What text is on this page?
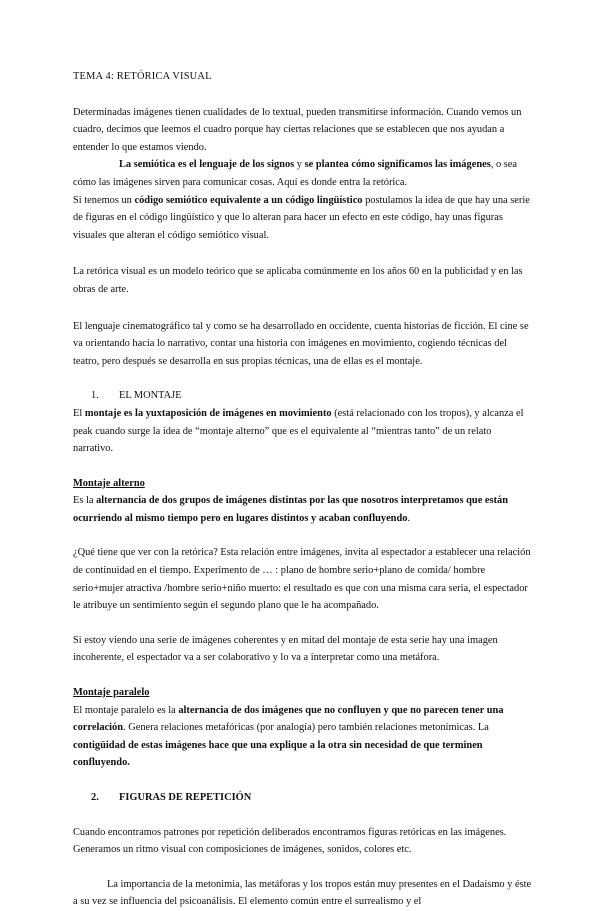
TEMA 4: RETÓRICA VISUAL

Determinadas imágenes tienen cualidades de lo textual, pueden transmitirse información. Cuando vemos un cuadro, decimos que leemos el cuadro porque hay ciertas relaciones que se establecen que nos ayudan a entender lo que estamos viendo.

La semiótica es el lenguaje de los signos y se plantea cómo significamos las imágenes, o sea cómo las imágenes sirven para comunicar cosas. Aquí es donde entra la retórica.

Si tenemos un código semiótico equivalente a un código lingüístico postulamos la idea de que hay una serie de figuras en el código lingüístico y que lo alteran para hacer un efecto en este código, hay unas figuras visuales que alteran el código semiótico visual.

La retórica visual es un modelo teórico que se aplicaba comúnmente en los años 60 en la publicidad y en las obras de arte.

El lenguaje cinematográfico tal y como se ha desarrollado en occidente, cuenta historias de ficción. El cine se va orientando hacia lo narrativo, contar una historia con imágenes en movimiento, cogiendo técnicas del teatro, pero después se desarrolla en sus propias técnicas, una de ellas es el montaje.

1. EL MONTAJE

El montaje es la yuxtaposición de imágenes en movimiento (está relacionado con los tropos), y alcanza el peak cuando surge la idea de “montaje alterno” que es el equivalente al “mientras tanto” de un relato narrativo.

Montaje alterno

Es la alternancia de dos grupos de imágenes distintas por las que nosotros interpretamos que están ocurriendo al mismo tiempo pero en lugares distintos y acaban confluyendo.

¿Qué tiene que ver con la retórica? Esta relación entre imágenes, invita al espectador a establecer una relación de continuidad en el tiempo. Experimento de … : plano de hombre serio+plano de comida/ hombre serio+mujer atractiva /hombre serio+niño muerto: el resultado es que con una misma cara seria, el espectador le atribuye un sentimiento según el segundo plano que le ha acompañado.

Si estoy viendo una serie de imágenes coherentes y en mitad del montaje de esta serie hay una imagen incoherente, el espectador va a ser colaborativo y lo va a interpretar como una metáfora.

Montaje paralelo

El montaje paralelo es la alternancia de dos imágenes que no confluyen y que no parecen tener una correlación. Genera relaciones metafóricas (por analogía) pero también relaciones metonímicas. La contigüidad de estas imágenes hace que una explique a la otra sin necesidad de que terminen confluyendo.

2. FIGURAS DE REPETICIÓN

Cuando encontramos patrones por repetición deliberados encontramos figuras retóricas en las imágenes. Generamos un ritmo visual con composiciones de imágenes, sonidos, colores etc.

La importancia de la metonimia, las metáforas y los tropos están muy presentes en el Dadaísmo y éste a su vez se influencia del psicoanálisis. El elemento común entre el surrealismo y el
